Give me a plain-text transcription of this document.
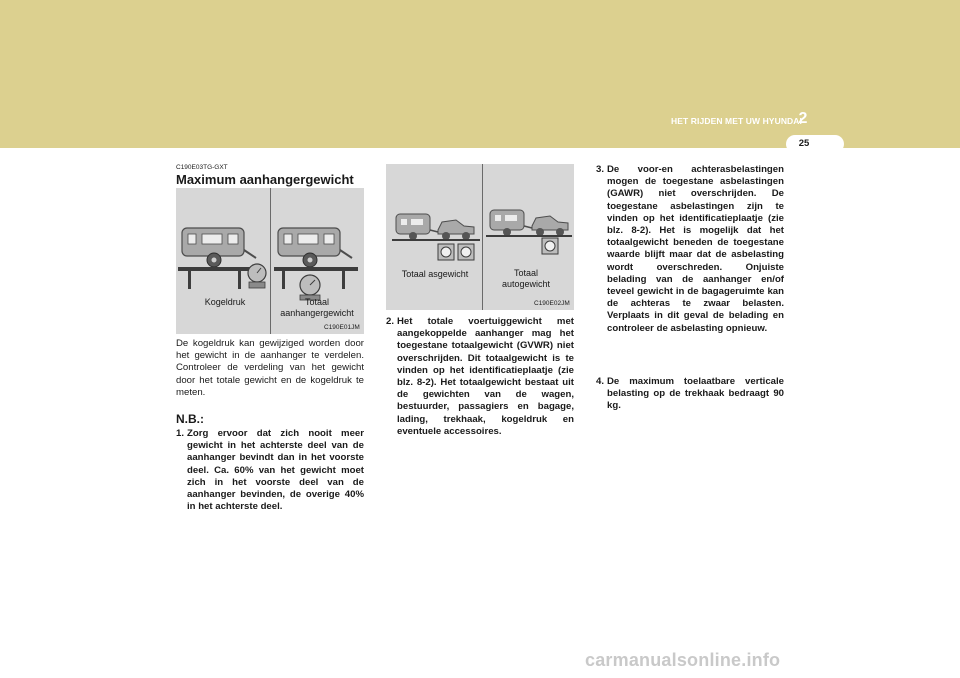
HET RIJDEN MET UW HYUNDAI
2
25
C190E03TG-GXT
Maximum aanhangergewicht
Kogeldruk	Totaal aanhangergewicht
C190E01JM
De kogeldruk kan gewijziged worden door het gewicht in de aanhanger te verdelen. Controleer de verdeling van het gewicht door het totale gewicht en de kogeldruk te meten.
N.B.:
1. Zorg ervoor dat zich nooit meer gewicht in het achterste deel van de aanhanger bevindt dan in het voorste deel. Ca. 60% van het gewicht moet zich in het voorste deel van de aanhanger bevinden, de overige 40% in het achterste deel.
Totaal asgewicht	Totaal autogewicht
C190E02JM
2. Het totale voertuiggewicht met aangekoppelde aanhanger mag het toegestane totaalgewicht (GVWR) niet overschrijden. Dit totaalgewicht is te vinden op het identificatieplaatje (zie blz. 8-2). Het totaalgewicht bestaat uit de gewichten van de wagen, bestuurder, passagiers en bagage, lading, trekhaak, kogeldruk en eventuele accessoires.
3. De voor-en achterasbelastingen mogen de toegestane asbelastingen (GAWR) niet overschrijden. De toegestane asbelastingen zijn te vinden op het identificatieplaatje (zie blz. 8-2). Het is mogelijk dat het totaalgewicht beneden de toegestane waarde blijft maar dat de asbelasting wordt overschreden. Onjuiste belading van de aanhanger en/of teveel gewicht in de bagageruimte kan de achteras te zwaar belasten. Verplaats in dit geval de belading en controleer de asbelasting opnieuw.
4. De maximum toelaatbare verticale belasting op de trekhaak bedraagt 90 kg.
carmanualsonline.info
